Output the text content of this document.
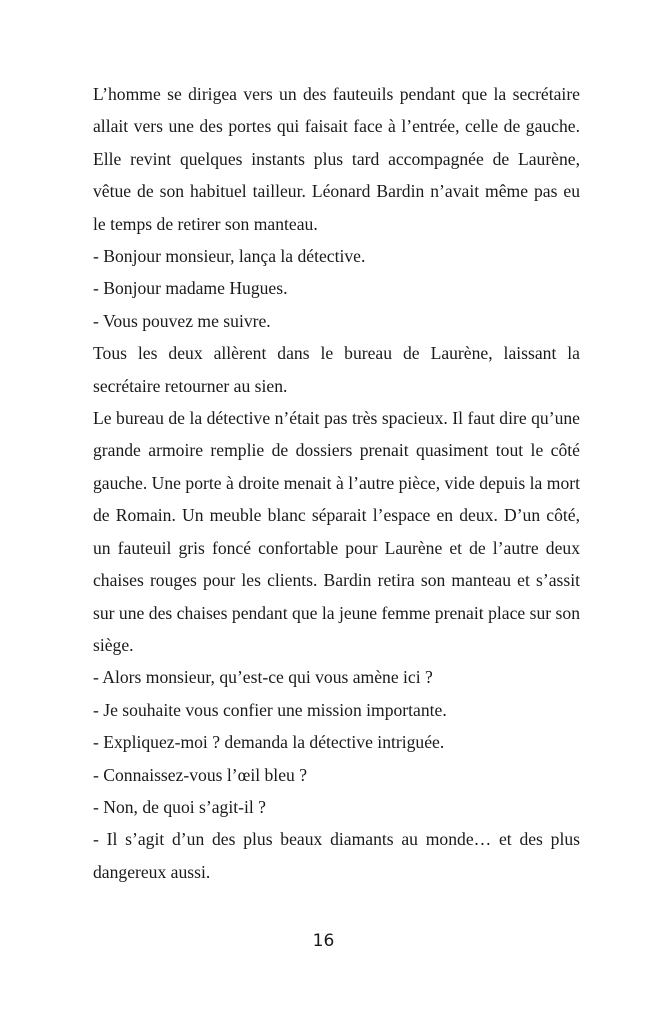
L’homme se dirigea vers un des fauteuils pendant que la secrétaire allait vers une des portes qui faisait face à l’entrée, celle de gauche. Elle revint quelques instants plus tard accompagnée de Laurène, vêtue de son habituel tailleur. Léonard Bardin n’avait même pas eu le temps de retirer son manteau.

- Bonjour monsieur, lança la détective.

- Bonjour madame Hugues.

- Vous pouvez me suivre.

Tous les deux allèrent dans le bureau de Laurène, laissant la secrétaire retourner au sien.

Le bureau de la détective n’était pas très spacieux. Il faut dire qu’une grande armoire remplie de dossiers prenait quasiment tout le côté gauche. Une porte à droite menait à l’autre pièce, vide depuis la mort de Romain. Un meuble blanc séparait l’espace en deux. D’un côté, un fauteuil gris foncé confortable pour Laurène et de l’autre deux chaises rouges pour les clients. Bardin retira son manteau et s’assit sur une des chaises pendant que la jeune femme prenait place sur son siège.

- Alors monsieur, qu’est-ce qui vous amène ici ?

- Je souhaite vous confier une mission importante.

- Expliquez-moi ? demanda la détective intriguée.

- Connaissez-vous l’œil bleu ?

- Non, de quoi s’agit-il ?

- Il s’agit d’un des plus beaux diamants au monde… et des plus dangereux aussi.

16
